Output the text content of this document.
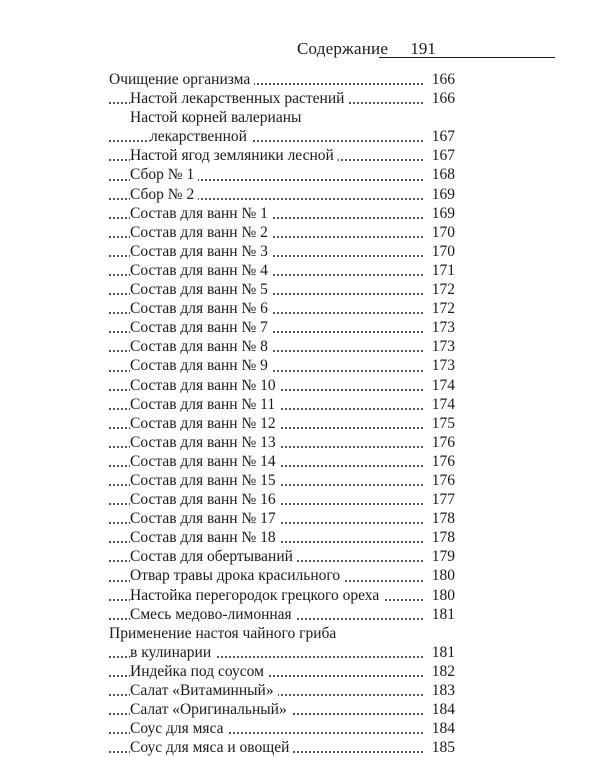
Содержание 191
Очищение организма	166
Настой лекарственных растений	166
Настой корней валерианы
лекарственной	167
Настой ягод земляники лесной	167
Сбор № 1	168
Сбор № 2	169
Состав для ванн № 1	169
Состав для ванн № 2	170
Состав для ванн № 3	170
Состав для ванн № 4	171
Состав для ванн № 5	172
Состав для ванн № 6	172
Состав для ванн № 7	173
Состав для ванн № 8	173
Состав для ванн № 9	173
Состав для ванн № 10	174
Состав для ванн № 11	174
Состав для ванн № 12	175
Состав для ванн № 13	176
Состав для ванн № 14	176
Состав для ванн № 15	176
Состав для ванн № 16	177
Состав для ванн № 17	178
Состав для ванн № 18	178
Состав для обертываний	179
Отвар травы дрока красильного	180
Настойка перегородок грецкого ореха	180
Смесь медово-лимонная	181
Применение настоя чайного гриба
в кулинарии	181
Индейка под соусом	182
Салат «Витаминный»	183
Салат «Оригинальный»	184
Соус для мяса	184
Соус для мяса и овощей	185
